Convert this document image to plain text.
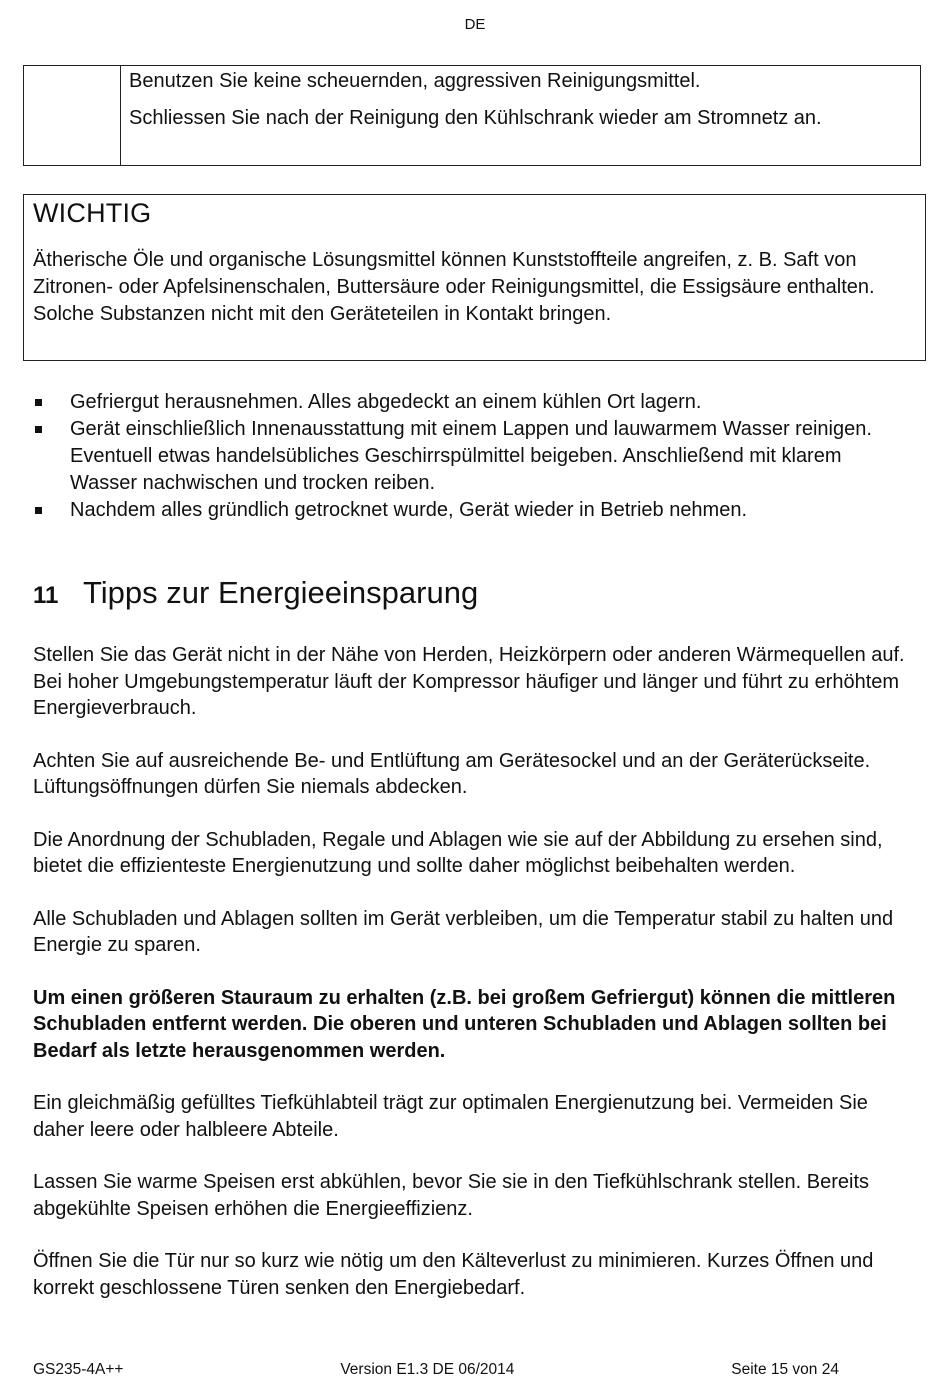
DE

Benutzen Sie keine scheuernden, aggressiven Reinigungsmittel.

Schliessen Sie nach der Reinigung den Kühlschrank wieder am Stromnetz an.

WICHTIG

Ätherische Öle und organische Lösungsmittel können Kunststoffteile angreifen, z. B. Saft von Zitronen- oder Apfelsinenschalen, Buttersäure oder Reinigungsmittel, die Essigsäure enthalten. Solche Substanzen nicht mit den Geräteteilen in Kontakt bringen.

Gefriergut herausnehmen. Alles abgedeckt an einem kühlen Ort lagern.
Gerät einschließlich Innenausstattung mit einem Lappen und lauwarmem Wasser reinigen. Eventuell etwas handelsübliches Geschirrspülmittel beigeben. Anschließend mit klarem Wasser nachwischen und trocken reiben.
Nachdem alles gründlich getrocknet wurde, Gerät wieder in Betrieb nehmen.
11 Tipps zur Energieeinsparung

Stellen Sie das Gerät nicht in der Nähe von Herden, Heizkörpern oder anderen Wärmequellen auf. Bei hoher Umgebungstemperatur läuft der Kompressor häufiger und länger und führt zu erhöhtem Energieverbrauch.

Achten Sie auf ausreichende Be- und Entlüftung am Gerätesockel und an der Geräterückseite. Lüftungsöffnungen dürfen Sie niemals abdecken.

Die Anordnung der Schubladen, Regale und Ablagen wie sie auf der Abbildung zu ersehen sind, bietet die effizienteste Energienutzung und sollte daher möglichst beibehalten werden.

Alle Schubladen und Ablagen sollten im Gerät verbleiben, um die Temperatur stabil zu halten und Energie zu sparen.

Um einen größeren Stauraum zu erhalten (z.B. bei großem Gefriergut) können die mittleren Schubladen entfernt werden. Die oberen und unteren Schubladen und Ablagen sollten bei Bedarf als letzte herausgenommen werden.

Ein gleichmäßig gefülltes Tiefkühlabteil trägt zur optimalen Energienutzung bei. Vermeiden Sie daher leere oder halbleere Abteile.

Lassen Sie warme Speisen erst abkühlen, bevor Sie sie in den Tiefkühlschrank stellen. Bereits abgekühlte Speisen erhöhen die Energieeffizienz.

Öffnen Sie die Tür nur so kurz wie nötig um den Kälteverlust zu minimieren. Kurzes Öffnen und korrekt geschlossene Türen senken den Energiebedarf.

GS235-4A++	Version E1.3 DE 06/2014	Seite 15 von 24
